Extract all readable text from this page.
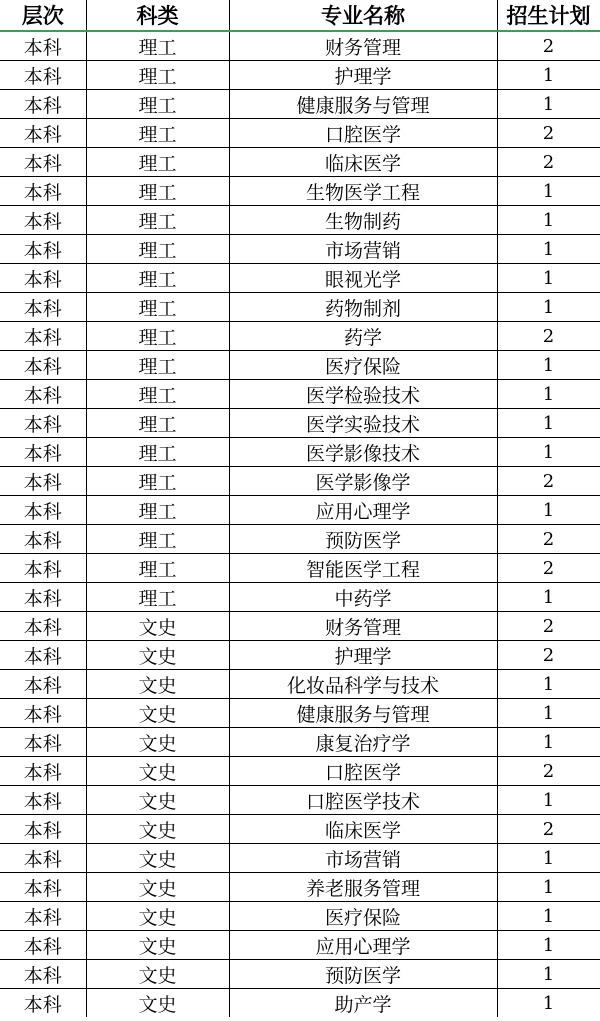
层次	科类	专业名称	招生计划
本科	理工	财务管理	2
本科	理工	护理学	1
本科	理工	健康服务与管理	1
本科	理工	口腔医学	2
本科	理工	临床医学	2
本科	理工	生物医学工程	1
本科	理工	生物制药	1
本科	理工	市场营销	1
本科	理工	眼视光学	1
本科	理工	药物制剂	1
本科	理工	药学	2
本科	理工	医疗保险	1
本科	理工	医学检验技术	1
本科	理工	医学实验技术	1
本科	理工	医学影像技术	1
本科	理工	医学影像学	2
本科	理工	应用心理学	1
本科	理工	预防医学	2
本科	理工	智能医学工程	2
本科	理工	中药学	1
本科	文史	财务管理	2
本科	文史	护理学	2
本科	文史	化妆品科学与技术	1
本科	文史	健康服务与管理	1
本科	文史	康复治疗学	1
本科	文史	口腔医学	2
本科	文史	口腔医学技术	1
本科	文史	临床医学	2
本科	文史	市场营销	1
本科	文史	养老服务管理	1
本科	文史	医疗保险	1
本科	文史	应用心理学	1
本科	文史	预防医学	1
本科	文史	助产学	1
